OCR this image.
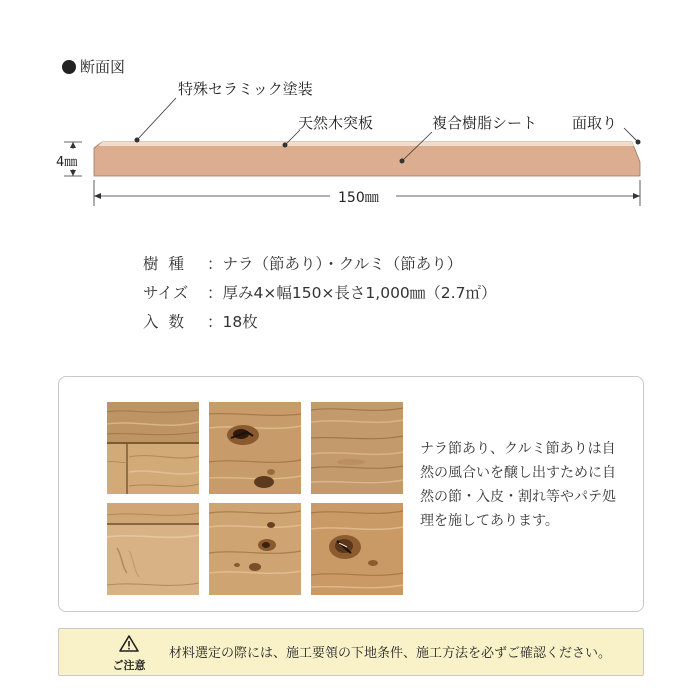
断面図
特殊セラミック塗装
天然木突板	複合樹脂シート 面取り
4㎜
150㎜
樹種 ：ナラ（節あり）・クルミ（節あり）
サイズ	：厚み4×幅150×長さ1,000㎜（2.7㎡）
入数 ：18枚
ナラ節あり、クルミ節ありは自然の風合いを醸し出すために自然の節・入皮・割れ等やパテ処理を施してあります。
ご注意
材料選定の際には、施工要領の下地条件、施工方法を必ずご確認ください。
